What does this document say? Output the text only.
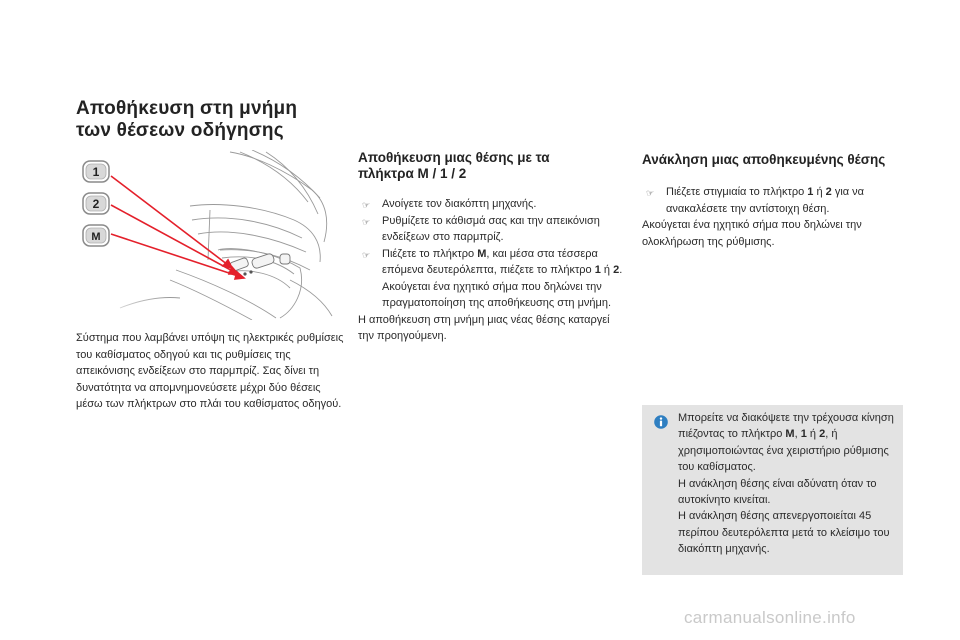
Αποθήκευση στη μνήμη
των θέσεων οδήγησης
1
2
M
Σύστημα που λαμβάνει υπόψη τις ηλεκτρικές ρυθμίσεις του καθίσματος οδηγού και τις ρυθμίσεις της απεικόνισης ενδείξεων στο παρμπρίζ. Σας δίνει τη δυνατότητα να απομνημονεύσετε μέχρι δύο θέσεις μέσω των πλήκτρων στο πλάι του καθίσματος οδηγού.
Αποθήκευση μιας θέσης με τα
πλήκτρα M / 1 / 2
☞ Ανοίγετε τον διακόπτη μηχανής.
☞ Ρυθμίζετε το κάθισμά σας και την απεικόνιση ενδείξεων στο παρμπρίζ.
☞ Πιέζετε το πλήκτρο M, και μέσα στα τέσσερα επόμενα δευτερόλεπτα, πιέζετε το πλήκτρο 1 ή 2.
Ακούγεται ένα ηχητικό σήμα που δηλώνει την πραγματοποίηση της αποθήκευσης στη μνήμη.

Η αποθήκευση στη μνήμη μιας νέας θέσης καταργεί την προηγούμενη.

Ανάκληση μιας αποθηκευμένης θέσης
☞ Πιέζετε στιγμιαία το πλήκτρο 1 ή 2 για να ανακαλέσετε την αντίστοιχη θέση.

Ακούγεται ένα ηχητικό σήμα που δηλώνει την ολοκλήρωση της ρύθμισης.

Μπορείτε να διακόψετε την τρέχουσα κίνηση πιέζοντας το πλήκτρο M, 1 ή 2, ή χρησιμοποιώντας ένα χειριστήριο ρύθμισης του καθίσματος.
Η ανάκληση θέσης είναι αδύνατη όταν το αυτοκίνητο κινείται.
Η ανάκληση θέσης απενεργοποιείται 45 περίπου δευτερόλεπτα μετά το κλείσιμο του διακόπτη μηχανής.
carmanualsonline.info
